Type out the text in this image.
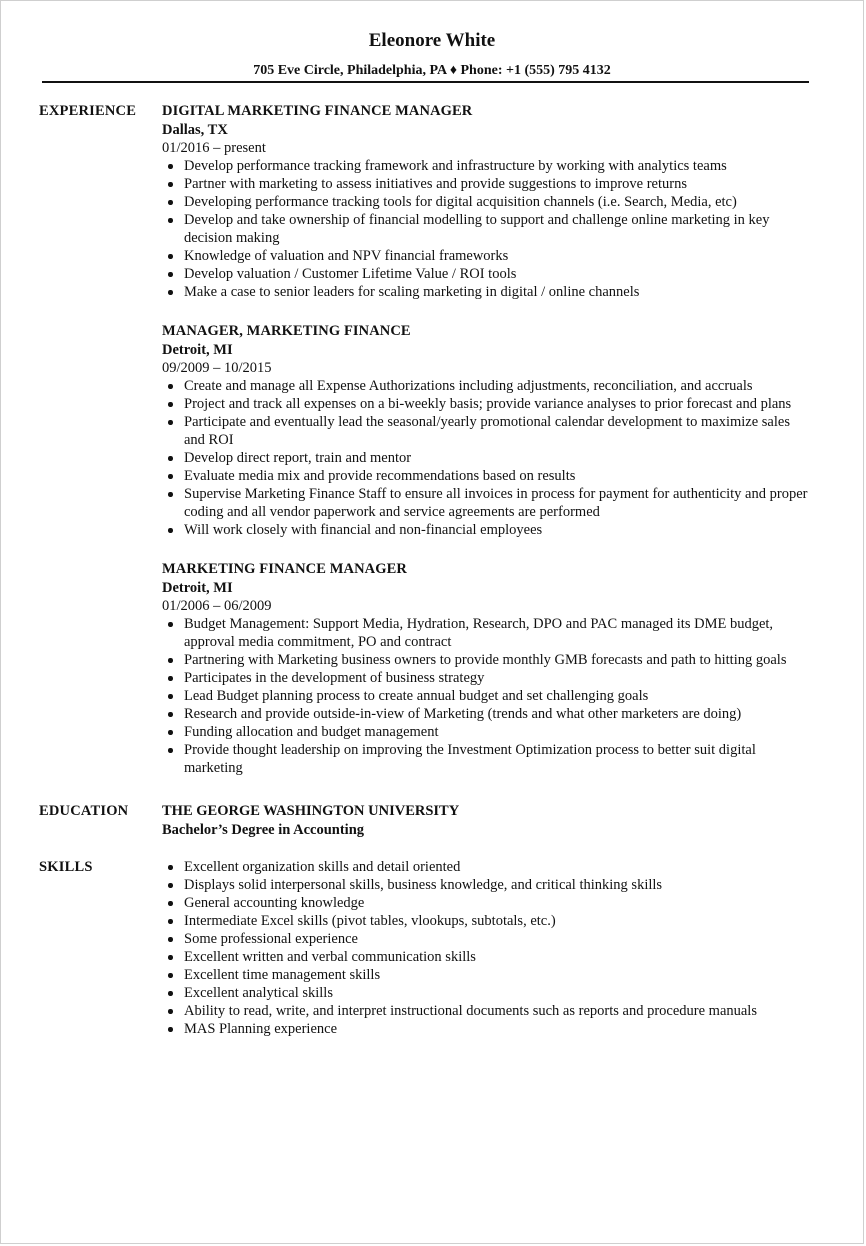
Eleonore White
705 Eve Circle, Philadelphia, PA ♦ Phone: +1 (555) 795 4132
EXPERIENCE DIGITAL MARKETING FINANCE MANAGER
Dallas, TX
01/2016 – present
Develop performance tracking framework and infrastructure by working with analytics teams
Partner with marketing to assess initiatives and provide suggestions to improve returns
Developing performance tracking tools for digital acquisition channels (i.e. Search, Media, etc)
Develop and take ownership of financial modelling to support and challenge online marketing in key decision making
Knowledge of valuation and NPV financial frameworks
Develop valuation / Customer Lifetime Value / ROI tools
Make a case to senior leaders for scaling marketing in digital / online channels
MANAGER, MARKETING FINANCE
Detroit, MI
09/2009 – 10/2015
Create and manage all Expense Authorizations including adjustments, reconciliation, and accruals
Project and track all expenses on a bi-weekly basis; provide variance analyses to prior forecast and plans
Participate and eventually lead the seasonal/yearly promotional calendar development to maximize sales and ROI
Develop direct report, train and mentor
Evaluate media mix and provide recommendations based on results
Supervise Marketing Finance Staff to ensure all invoices in process for payment for authenticity and proper coding and all vendor paperwork and service agreements are performed
Will work closely with financial and non-financial employees
MARKETING FINANCE MANAGER
Detroit, MI
01/2006 – 06/2009
Budget Management: Support Media, Hydration, Research, DPO and PAC managed its DME budget, approval media commitment, PO and contract
Partnering with Marketing business owners to provide monthly GMB forecasts and path to hitting goals
Participates in the development of business strategy
Lead Budget planning process to create annual budget and set challenging goals
Research and provide outside-in-view of Marketing (trends and what other marketers are doing)
Funding allocation and budget management
Provide thought leadership on improving the Investment Optimization process to better suit digital marketing
EDUCATION THE GEORGE WASHINGTON UNIVERSITY
Bachelor’s Degree in Accounting
SKILLS	Excellent organization skills and detail oriented
Displays solid interpersonal skills, business knowledge, and critical thinking skills
General accounting knowledge
Intermediate Excel skills (pivot tables, vlookups, subtotals, etc.)
Some professional experience
Excellent written and verbal communication skills
Excellent time management skills
Excellent analytical skills
Ability to read, write, and interpret instructional documents such as reports and procedure manuals
MAS Planning experience
